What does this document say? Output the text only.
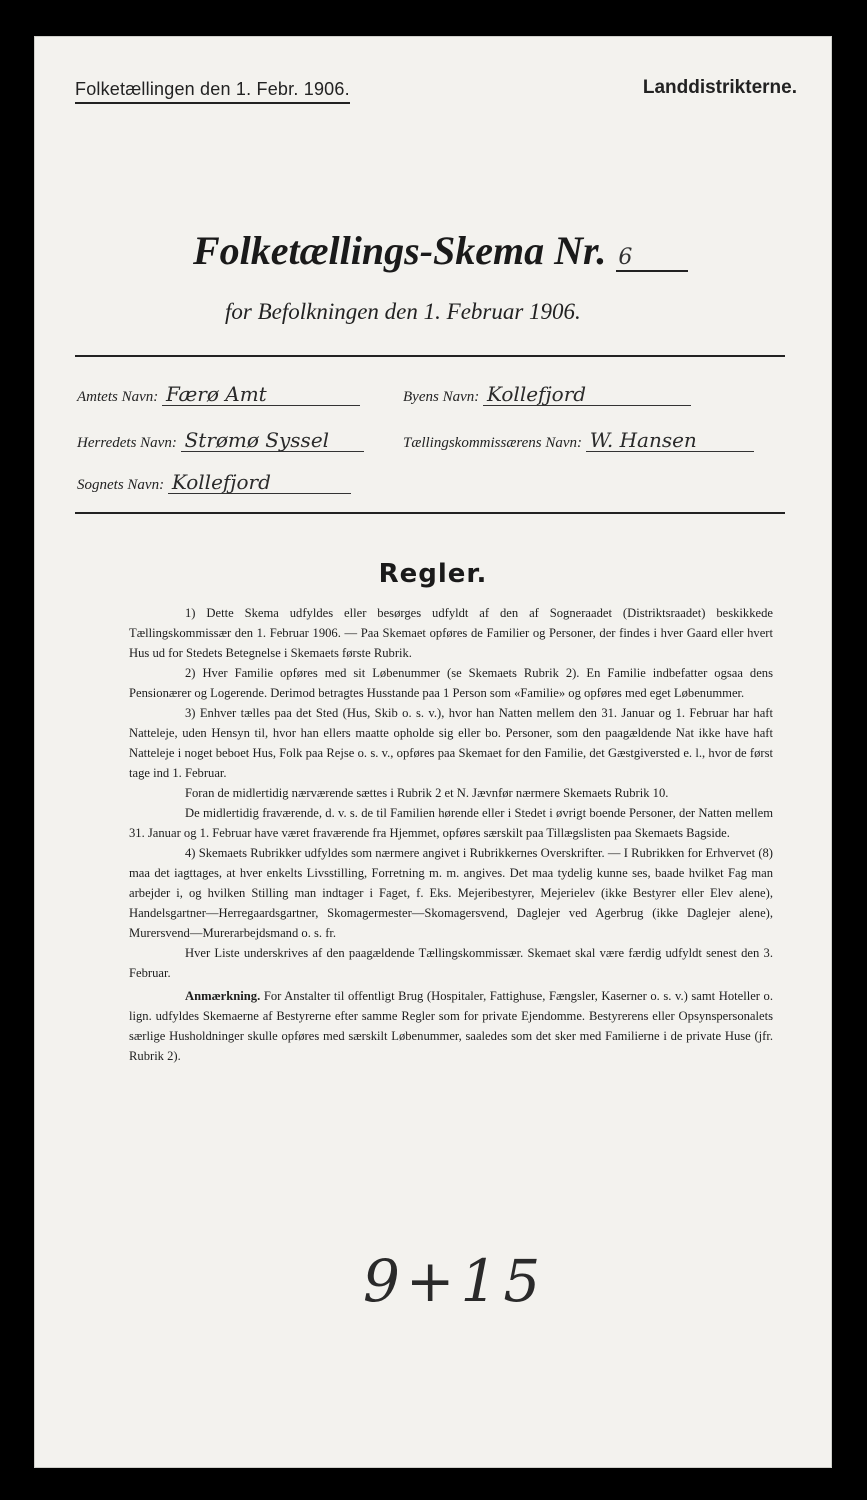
Folketællingen den 1. Febr. 1906.	Landdistrikterne.
Folketællings-Skema Nr. 6
for Befolkningen den 1. Februar 1906.
Amtets Navn: Færø Amt	Byens Navn: Kollefjord
Herredets Navn: Strømø Syssel	Tællingskommissærens Navn: W. Hansen
Sognets Navn: Kollefjord
Regler.

1) Dette Skema udfyldes eller besørges udfyldt af den af Sogneraadet (Distriktsraadet) beskikkede Tællingskommissær den 1. Februar 1906. — Paa Skemaet opføres de Familier og Personer, der findes i hver Gaard eller hvert Hus ud for Stedets Betegnelse i Skemaets første Rubrik.

2) Hver Familie opføres med sit Løbenummer (se Skemaets Rubrik 2). En Familie indbefatter ogsaa dens Pensionærer og Logerende. Derimod betragtes Husstande paa 1 Person som «Familie» og opføres med eget Løbenummer.

3) Enhver tælles paa det Sted (Hus, Skib o. s. v.), hvor han Natten mellem den 31. Januar og 1. Februar har haft Natteleje, uden Hensyn til, hvor han ellers maatte opholde sig eller bo. Personer, som den paagældende Nat ikke have haft Natteleje i noget beboet Hus, Folk paa Rejse o. s. v., opføres paa Skemaet for den Familie, det Gæstgiversted e. l., hvor de først tage ind 1. Februar.

Foran de midlertidig nærværende sættes i Rubrik 2 et N. Jævnfør nærmere Skemaets Rubrik 10.

De midlertidig fraværende, d. v. s. de til Familien hørende eller i Stedet i øvrigt boende Personer, der Natten mellem 31. Januar og 1. Februar have været fraværende fra Hjemmet, opføres særskilt paa Tillægslisten paa Skemaets Bagside.

4) Skemaets Rubrikker udfyldes som nærmere angivet i Rubrikkernes Overskrifter. — I Rubrikken for Erhvervet (8) maa det iagttages, at hver enkelts Livsstilling, Forretning m. m. angives. Det maa tydelig kunne ses, baade hvilket Fag man arbejder i, og hvilken Stilling man indtager i Faget, f. Eks. Mejeribestyrer, Mejerielev (ikke Bestyrer eller Elev alene), Handelsgartner—Herregaardsgartner, Skomagermester—Skomagersvend, Daglejer ved Agerbrug (ikke Daglejer alene), Murersvend—Murerarbejdsmand o. s. fr.

Hver Liste underskrives af den paagældende Tællingskommissær. Skemaet skal være færdig udfyldt senest den 3. Februar.

Anmærkning. For Anstalter til offentligt Brug (Hospitaler, Fattighuse, Fængsler, Kaserner o. s. v.) samt Hoteller o. lign. udfyldes Skemaerne af Bestyrerne efter samme Regler som for private Ejendomme. Bestyrerens eller Opsynspersonalets særlige Husholdninger skulle opføres med særskilt Løbenummer, saaledes som det sker med Familierne i de private Huse (jfr. Rubrik 2).

9+15
